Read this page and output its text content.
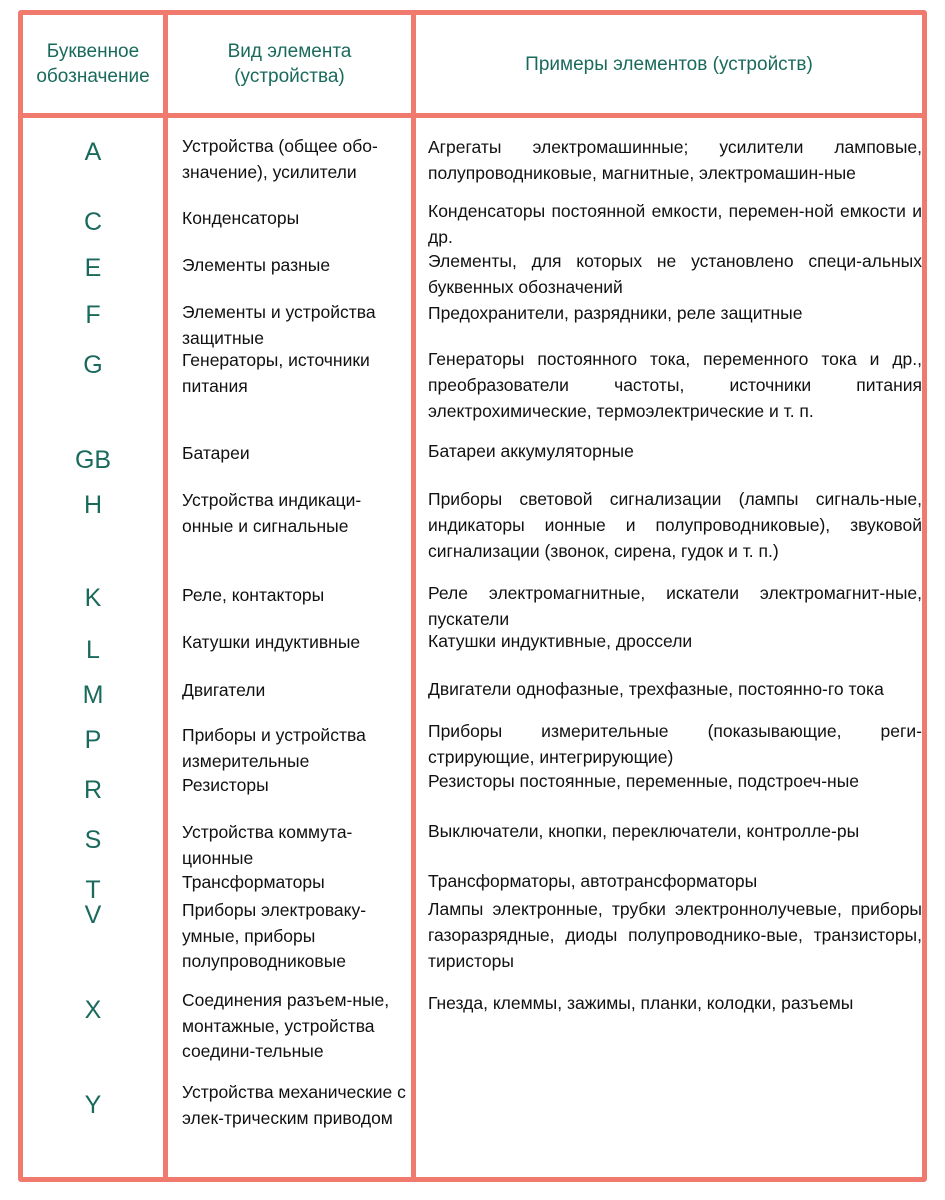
Буквенное
обозначение
Вид элемента
(устройства)
Примеры элементов (устройств)
A
C
E
F
G
GB
H
K
L
M
P
R
S
T
V
X
Y
Устройства (общее обо-значение), усилители
Конденсаторы
Элементы разные
Элементы и устройства защитные
Генераторы, источники питания
Батареи
Устройства индикаци-онные и сигнальные
Реле, контакторы
Катушки индуктивные
Двигатели
Приборы и устройства измерительные
Резисторы
Устройства коммута-ционные
Трансформаторы
Приборы электроваку-умные, приборы полупроводниковые
Соединения разъем-ные, монтажные, устройства соедини-тельные
Устройства механические с элек-трическим приводом
Агрегаты электромашинные; усилители ламповые, полупроводниковые, магнитные, электромашин-ные
Конденсаторы постоянной емкости, перемен-ной емкости и др.
Элементы, для которых не установлено специ-альных буквенных обозначений
Предохранители, разрядники, реле защитные
Генераторы постоянного тока, переменного тока и др., преобразователи частоты, источники питания электрохимические, термоэлектрические и т. п.
Батареи аккумуляторные
Приборы световой сигнализации (лампы сигналь-ные, индикаторы ионные и полупроводниковые), звуковой сигнализации (звонок, сирена, гудок и т. п.)
Реле электромагнитные, искатели электромагнит-ные, пускатели
Катушки индуктивные, дроссели
Двигатели однофазные, трехфазные, постоянно-го тока
Приборы измерительные (показывающие, реги-стрирующие, интегрирующие)
Резисторы постоянные, переменные, подстроеч-ные
Выключатели, кнопки, переключатели, контролле-ры
Трансформаторы, автотрансформаторы
Лампы электронные, трубки электроннолучевые, приборы газоразрядные, диоды полупроводнико-вые, транзисторы, тиристоры
Гнезда, клеммы, зажимы, планки, колодки, разъемы
